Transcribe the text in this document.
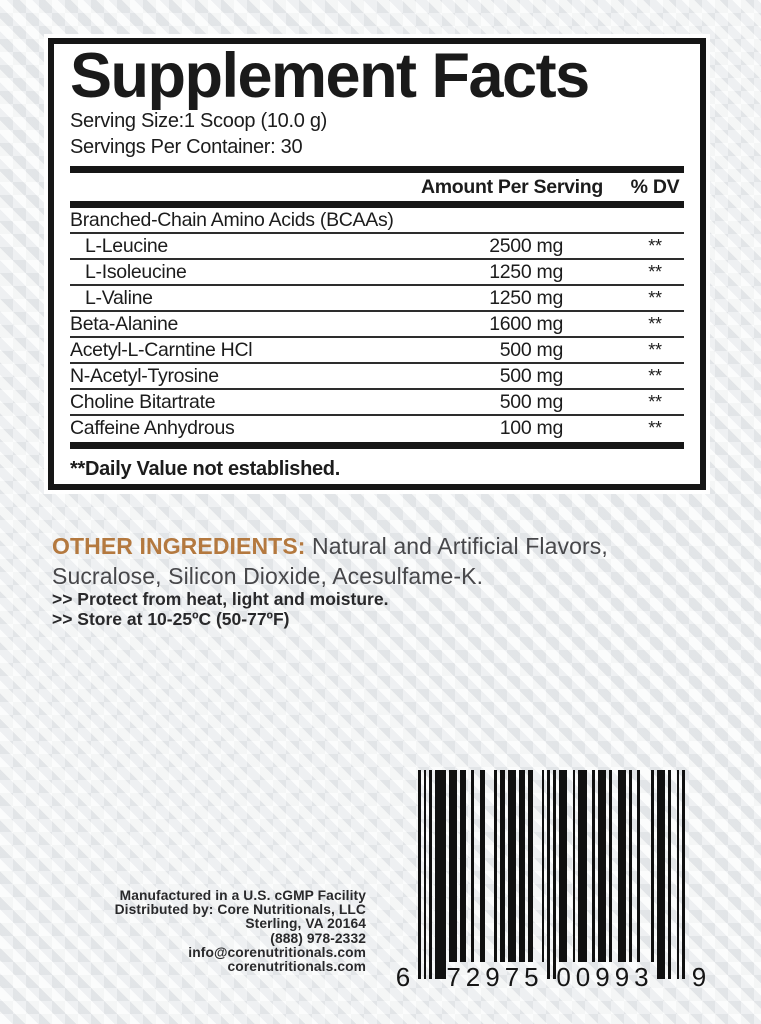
Supplement Facts
Serving Size:1 Scoop (10.0 g)
Servings Per Container: 30
Amount Per Serving	% DV
Branched-Chain Amino Acids (BCAAs)
L-Leucine	2500 mg	**
L-Isoleucine	1250 mg	**
L-Valine	1250 mg	**
Beta-Alanine	1600 mg	**
Acetyl-L-Carntine HCl	500 mg	**
N-Acetyl-Tyrosine	500 mg	**
Choline Bitartrate	500 mg	**
Caffeine Anhydrous	100 mg	**
**Daily Value not established.

OTHER INGREDIENTS: Natural and Artificial Flavors, Sucralose, Silicon Dioxide, Acesulfame-K.

>> Protect from heat, light and moisture.
>> Store at 10-25ºC (50-77ºF)
Manufactured in a U.S. cGMP Facility
Distributed by: Core Nutritionals, LLC
Sterling, VA 20164
(888) 978-2332
info@corenutritionals.com
corenutritionals.com 6	72975 00993	9
